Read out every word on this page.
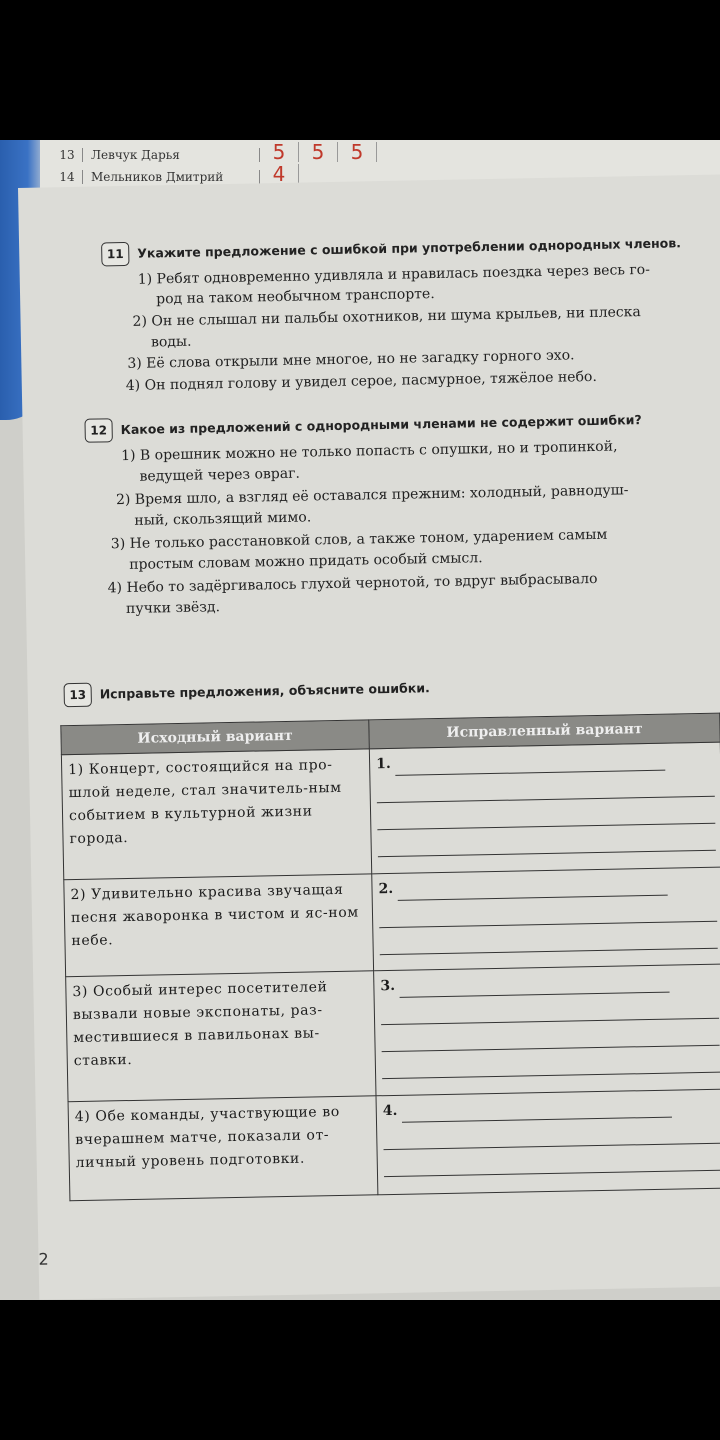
13 Левчук Дарья	5 5 5
14 Мельников Дмитрий 4
11	Укажите предложение с ошибкой при употреблении однородных членов.
1) Ребят одновременно удивляла и нравилась поездка через весь го-
род на таком необычном транспорте.
2) Он не слышал ни пальбы охотников, ни шума крыльев, ни плеска
воды.
3) Её слова открыли мне многое, но не загадку горного эхо.
4) Он поднял голову и увидел серое, пасмурное, тяжёлое небо.
12	Какое из предложений с однородными членами не содержит ошибки?
1) В орешник можно не только попасть с опушки, но и тропинкой,
ведущей через овраг.
2) Время шло, а взгляд её оставался прежним: холодный, равнодуш-
ный, скользящий мимо.
3) Не только расстановкой слов, а также тоном, ударением самым
простым словам можно придать особый смысл.
4) Небо то задёргивалось глухой чернотой, то вдруг выбрасывало
пучки звёзд.
13	Исправьте предложения, объясните ошибки.
Исходный вариант	Исправленный вариант
1) Концерт, состоящийся на про-шлой неделе, стал значитель-ным событием в культурной жизни города.	1.

2) Удивительно красива звучащая песня жаворонка в чистом и яс-ном небе.	2.

3) Особый интерес посетителей вызвали новые экспонаты, раз-местившиеся в павильонах вы-ставки.	3.

4) Обе команды, участвующие во вчерашнем матче, показали от-личный уровень подготовки.	4.
2
